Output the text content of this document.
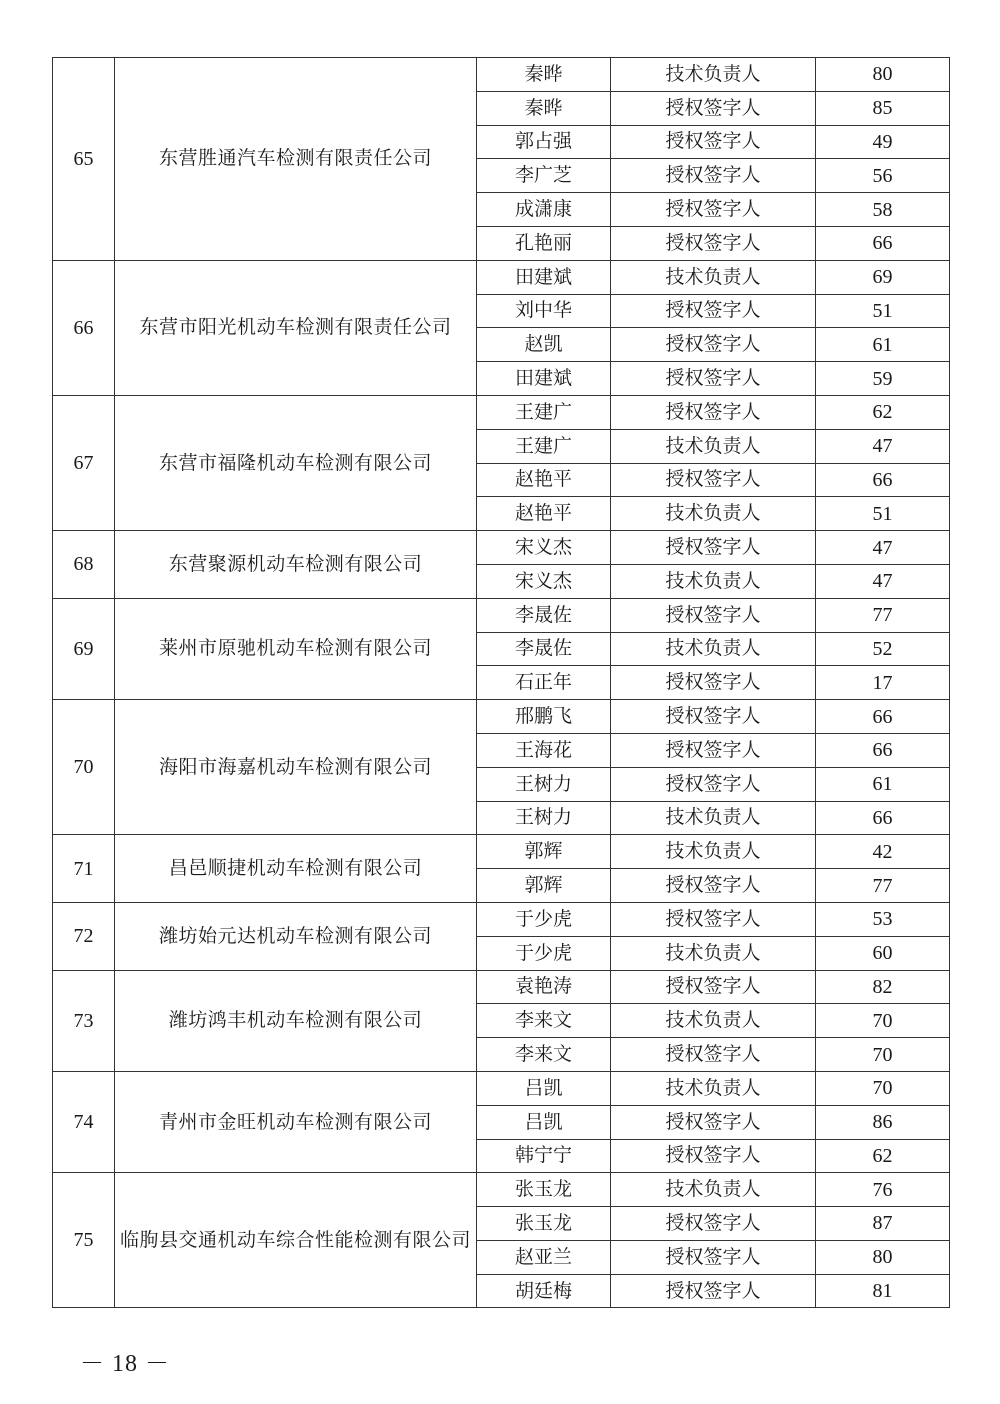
65	东营胜通汽车检测有限责任公司	秦晔	技术负责人	80
		秦晔	授权签字人	85
		郭占强	授权签字人	49
		李广芝	授权签字人	56
		成潇康	授权签字人	58
		孔艳丽	授权签字人	66
66	东营市阳光机动车检测有限责任公司	田建斌	技术负责人	69
		刘中华	授权签字人	51
		赵凯	授权签字人	61
		田建斌	授权签字人	59
67	东营市福隆机动车检测有限公司	王建广	授权签字人	62
		王建广	技术负责人	47
		赵艳平	授权签字人	66
		赵艳平	技术负责人	51
68	东营聚源机动车检测有限公司	宋义杰	授权签字人	47
		宋义杰	技术负责人	47
69	莱州市原驰机动车检测有限公司	李晟佐	授权签字人	77
		李晟佐	技术负责人	52
		石正年	授权签字人	17
70	海阳市海嘉机动车检测有限公司	邢鹏飞	授权签字人	66
		王海花	授权签字人	66
		王树力	授权签字人	61
		王树力	技术负责人	66
71	昌邑顺捷机动车检测有限公司	郭辉	技术负责人	42
		郭辉	授权签字人	77
72	潍坊始元达机动车检测有限公司	于少虎	授权签字人	53
		于少虎	技术负责人	60
73	潍坊鸿丰机动车检测有限公司	袁艳涛	授权签字人	82
		李来文	技术负责人	70
		李来文	授权签字人	70
74	青州市金旺机动车检测有限公司	吕凯	技术负责人	70
		吕凯	授权签字人	86
		韩宁宁	授权签字人	62
75	临朐县交通机动车综合性能检测有限公司	张玉龙	技术负责人	76
		张玉龙	授权签字人	87
		赵亚兰	授权签字人	80
		胡廷梅	授权签字人	81
－ 18 －
